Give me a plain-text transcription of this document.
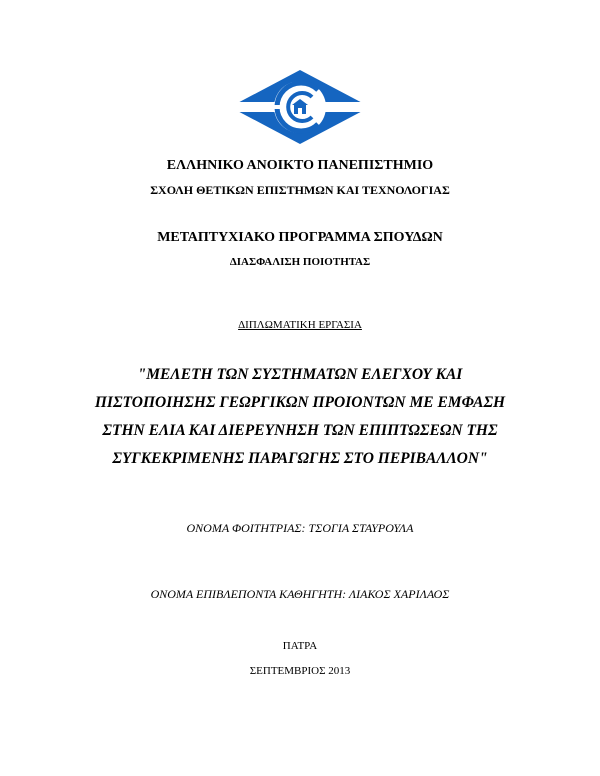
ΕΛΛΗΝΙΚΟ ΑΝΟΙΚΤΟ ΠΑΝΕΠΙΣΤΗΜΙΟ
ΣΧΟΛΗ ΘΕΤΙΚΩΝ ΕΠΙΣΤΗΜΩΝ ΚΑΙ ΤΕΧΝΟΛΟΓΙΑΣ
ΜΕΤΑΠΤΥΧΙΑΚΟ ΠΡΟΓΡΑΜΜΑ ΣΠΟΥΔΩΝ
ΔΙΑΣΦΑΛΙΣΗ ΠΟΙΟΤΗΤΑΣ
ΔΙΠΛΩΜΑΤΙΚΗ ΕΡΓΑΣΙΑ
"ΜΕΛΕΤΗ ΤΩΝ ΣΥΣΤΗΜΑΤΩΝ ΕΛΕΓΧΟΥ ΚΑΙ
ΠΙΣΤΟΠΟΙΗΣΗΣ ΓΕΩΡΓΙΚΩΝ ΠΡΟΙΟΝΤΩΝ ΜΕ ΕΜΦΑΣΗ
ΣΤΗΝ ΕΛΙΑ ΚΑΙ ΔΙΕΡΕΥΝΗΣΗ ΤΩΝ ΕΠΙΠΤΩΣΕΩΝ ΤΗΣ
ΣΥΓΚΕΚΡΙΜΕΝΗΣ ΠΑΡΑΓΩΓΗΣ ΣΤΟ ΠΕΡΙΒΑΛΛΟΝ"
ΟΝΟΜΑ ΦΟΙΤΗΤΡΙΑΣ: ΤΣΟΓΙΑ ΣΤΑΥΡΟΥΛΑ
ΟΝΟΜΑ ΕΠΙΒΛΕΠΟΝΤΑ ΚΑΘΗΓΗΤΗ: ΛΙΑΚΟΣ ΧΑΡΙΛΑΟΣ
ΠΑΤΡΑ
ΣΕΠΤΕΜΒΡΙΟΣ 2013
